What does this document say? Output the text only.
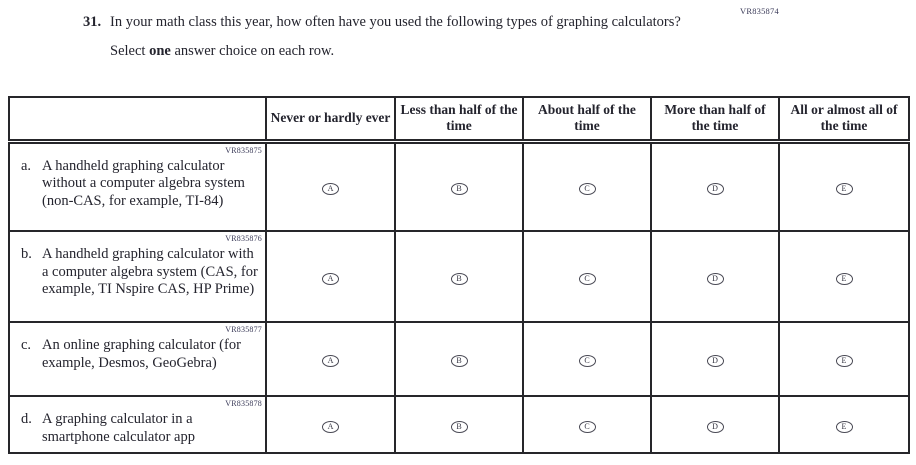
VR835874
31. In your math class this year, how often have you used the following types of graphing calculators?
Select one answer choice on each row.
	Never or hardly ever	Less than half of the time	About half of the time	More than half of the time	All or almost all of the time

VR835875
a. A handheld graphing calculator without a computer algebra system (non-CAS, for example, TI-84)	A	B	C	D	E

VR835876
b. A handheld graphing calculator with a computer algebra system (CAS, for example, TI Nspire CAS, HP Prime)	A	B	C	D	E

VR835877
c. An online graphing calculator (for example, Desmos, GeoGebra)	A	B	C	D	E

VR835878
d. A graphing calculator in a smartphone calculator app	A	B	C	D	E
